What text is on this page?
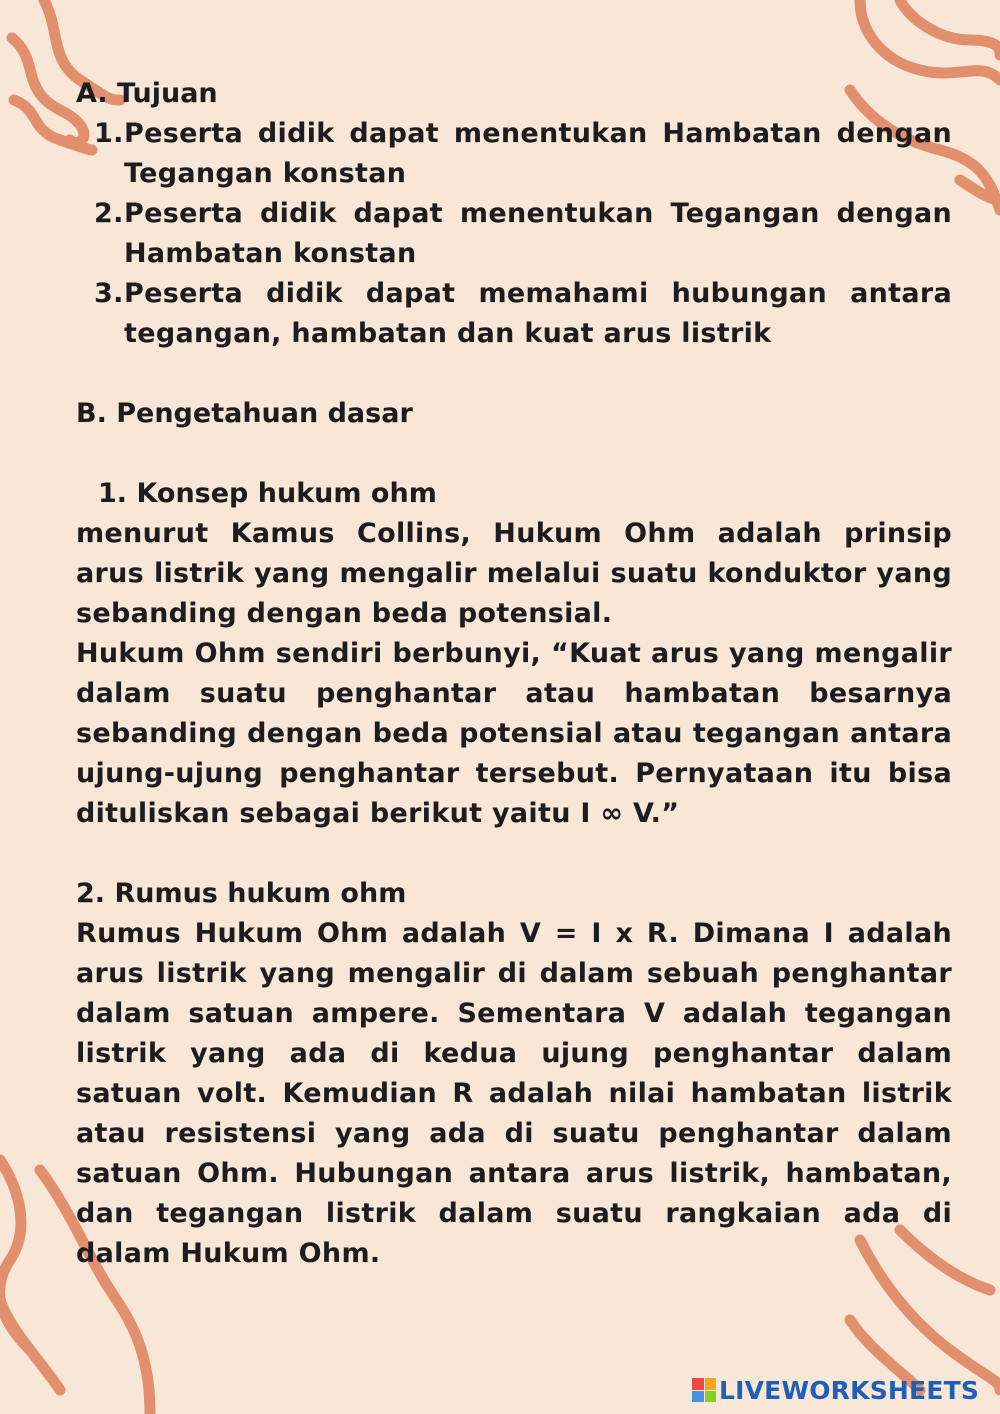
A. Tujuan
1. Peserta didik dapat menentukan Hambatan dengan Tegangan konstan
2. Peserta didik dapat menentukan Tegangan dengan Hambatan konstan
3. Peserta didik dapat memahami hubungan antara tegangan, hambatan dan kuat arus listrik
B. Pengetahuan dasar
1. Konsep hukum ohm

menurut Kamus Collins, Hukum Ohm adalah prinsip arus listrik yang mengalir melalui suatu konduktor yang sebanding dengan beda potensial.

Hukum Ohm sendiri berbunyi, “Kuat arus yang mengalir dalam suatu penghantar atau hambatan besarnya sebanding dengan beda potensial atau tegangan antara ujung-ujung penghantar tersebut. Pernyataan itu bisa dituliskan sebagai berikut yaitu I ∞ V.”

2. Rumus hukum ohm

Rumus Hukum Ohm adalah V = I x R. Dimana I adalah arus listrik yang mengalir di dalam sebuah penghantar dalam satuan ampere. Sementara V adalah tegangan listrik yang ada di kedua ujung penghantar dalam satuan volt. Kemudian R adalah nilai hambatan listrik atau resistensi yang ada di suatu penghantar dalam satuan Ohm. Hubungan antara arus listrik, hambatan, dan tegangan listrik dalam suatu rangkaian ada di dalam Hukum Ohm.

LIVEWORKSHEETS
